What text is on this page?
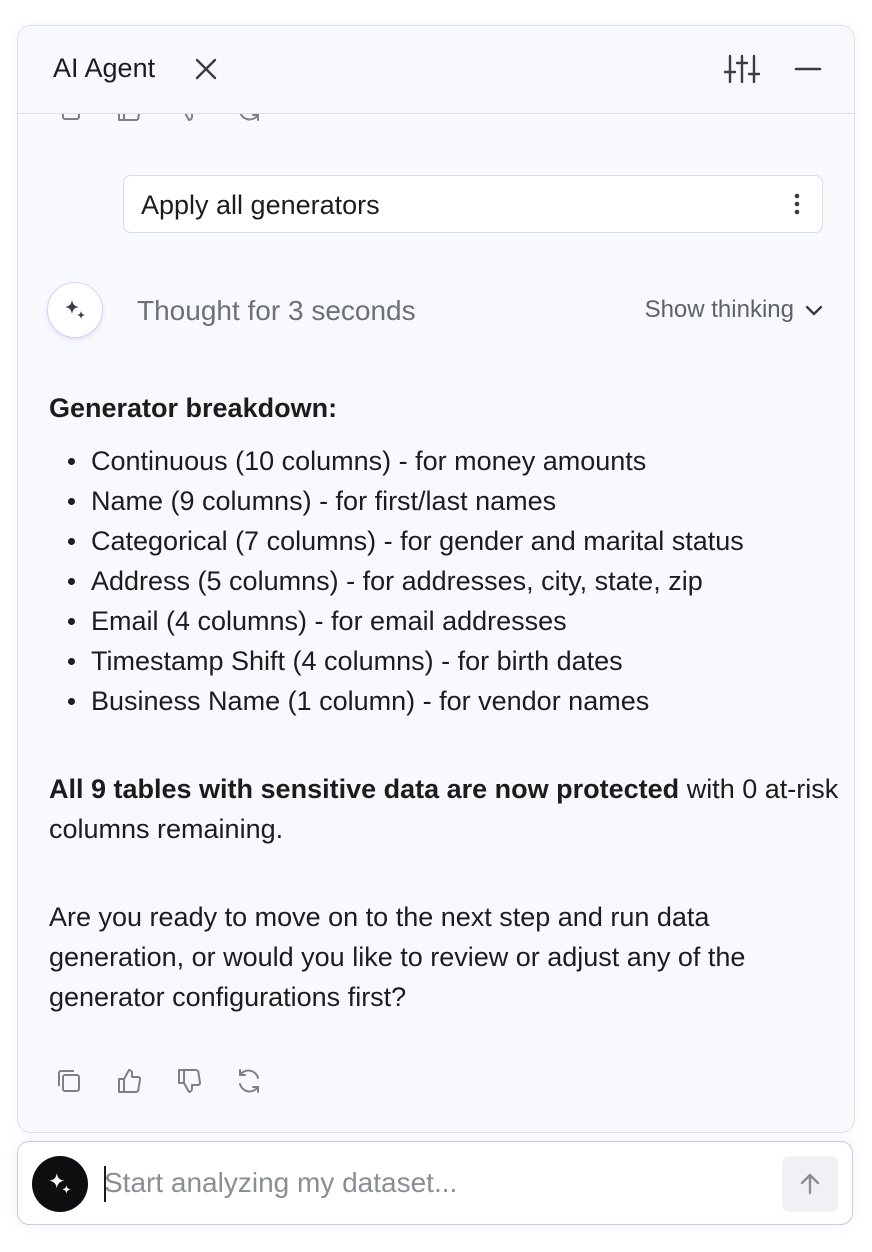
AI Agent
Apply all generators
Thought for 3 seconds	Show thinking
Generator breakdown:
Continuous (10 columns) - for money amounts
Name (9 columns) - for first/last names
Categorical (7 columns) - for gender and marital status
Address (5 columns) - for addresses, city, state, zip
Email (4 columns) - for email addresses
Timestamp Shift (4 columns) - for birth dates
Business Name (1 column) - for vendor names

All 9 tables with sensitive data are now protected with 0 at-risk columns remaining.

Are you ready to move on to the next step and run data generation, or would you like to review or adjust any of the generator configurations first?

Start analyzing my dataset...
